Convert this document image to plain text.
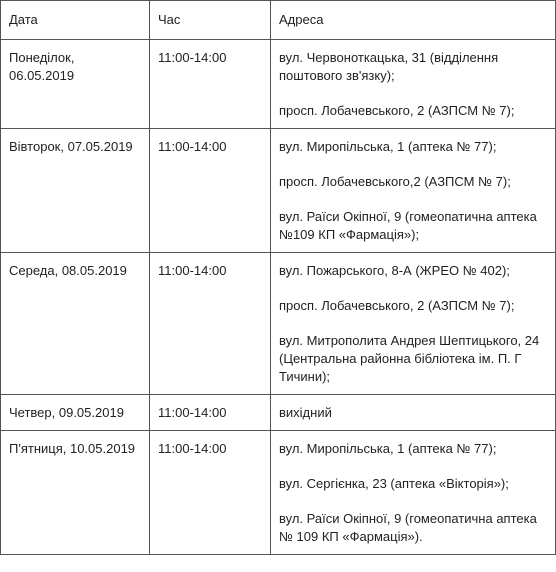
Дата	Час	Адреса
Понеділок, 06.05.2019	11:00-14:00	вул. Червоноткацька, 31 (відділення поштового зв'язку);
просп. Лобачевського, 2 (АЗПСМ № 7);

Вівторок, 07.05.2019	11:00-14:00	вул. Миропільська, 1 (аптека № 77);
просп. Лобачевського,2 (АЗПСМ № 7);
вул. Раїси Окіпної, 9 (гомеопатична аптека №109 КП «Фармація»);

Середа, 08.05.2019	11:00-14:00	вул. Пожарського, 8-А (ЖРЕО № 402);
просп. Лобачевського, 2 (АЗПСМ № 7);
вул. Митрополита Андрея Шептицького, 24 (Центральна районна бібліотека ім. П. Г Тичини);

Четвер, 09.05.2019	11:00-14:00	вихідний

П'ятниця, 10.05.2019	11:00-14:00	вул. Миропільська, 1 (аптека № 77);
вул. Сергієнка, 23 (аптека «Вікторія»);
вул. Раїси Окіпної, 9 (гомеопатична аптека № 109 КП «Фармація»).
